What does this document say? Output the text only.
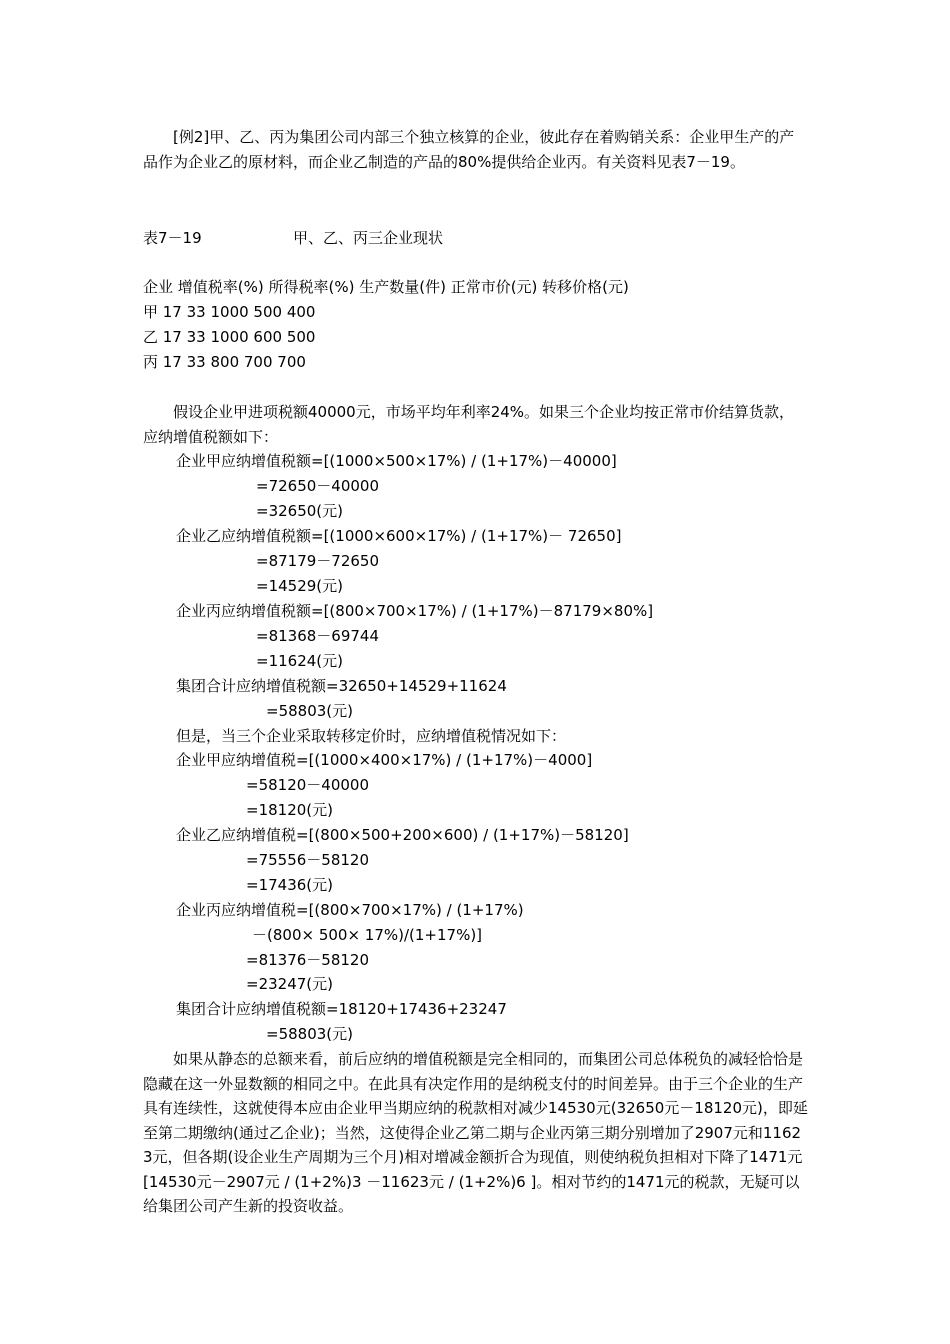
[例2]甲、乙、丙为集团公司内部三个独立核算的企业，彼此存在着购销关系：企业甲生产的产品作为企业乙的原材料，而企业乙制造的产品的80%提供给企业丙。有关资料见表7－19。
表7－19	甲、乙、丙三企业现状
企业 增值税率(%) 所得税率(%) 生产数量(件) 正常市价(元) 转移价格(元)
甲 17 33 1000 500 400
乙 17 33 1000 600 500
丙 17 33 800 700 700
假设企业甲进项税额40000元，市场平均年利率24%。如果三个企业均按正常市价结算货款，应纳增值税额如下：
企业甲应纳增值税额=[(1000×500×17%) / (1+17%)－40000]
=72650－40000
=32650(元)
企业乙应纳增值税额=[(1000×600×17%) / (1+17%)－ 72650]
=87179－72650
=14529(元)
企业丙应纳增值税额=[(800×700×17%) / (1+17%)－87179×80%]
=81368－69744
=11624(元)
集团合计应纳增值税额=32650+14529+11624
=58803(元)
但是，当三个企业采取转移定价时，应纳增值税情况如下：
企业甲应纳增值税=[(1000×400×17%) / (1+17%)－4000]
=58120－40000
=18120(元)
企业乙应纳增值税=[(800×500+200×600) / (1+17%)－58120]
=75556－58120
=17436(元)
企业丙应纳增值税=[(800×700×17%) / (1+17%)
－(800× 500× 17%)/(1+17%)]
=81376－58120
=23247(元)
集团合计应纳增值税额=18120+17436+23247
=58803(元)
如果从静态的总额来看，前后应纳的增值税额是完全相同的，而集团公司总体税负的减轻恰恰是隐藏在这一外显数额的相同之中。在此具有决定作用的是纳税支付的时间差异。由于三个企业的生产具有连续性，这就使得本应由企业甲当期应纳的税款相对减少14530元(32650元－18120元)，即延至第二期缴纳(通过乙企业)；当然，这使得企业乙第二期与企业丙第三期分别增加了2907元和11623元，但各期(设企业生产周期为三个月)相对增减金额折合为现值，则使纳税负担相对下降了1471元[14530元－2907元 / (1+2%)3 －11623元 / (1+2%)6 ]。相对节约的1471元的税款，无疑可以给集团公司产生新的投资收益。
